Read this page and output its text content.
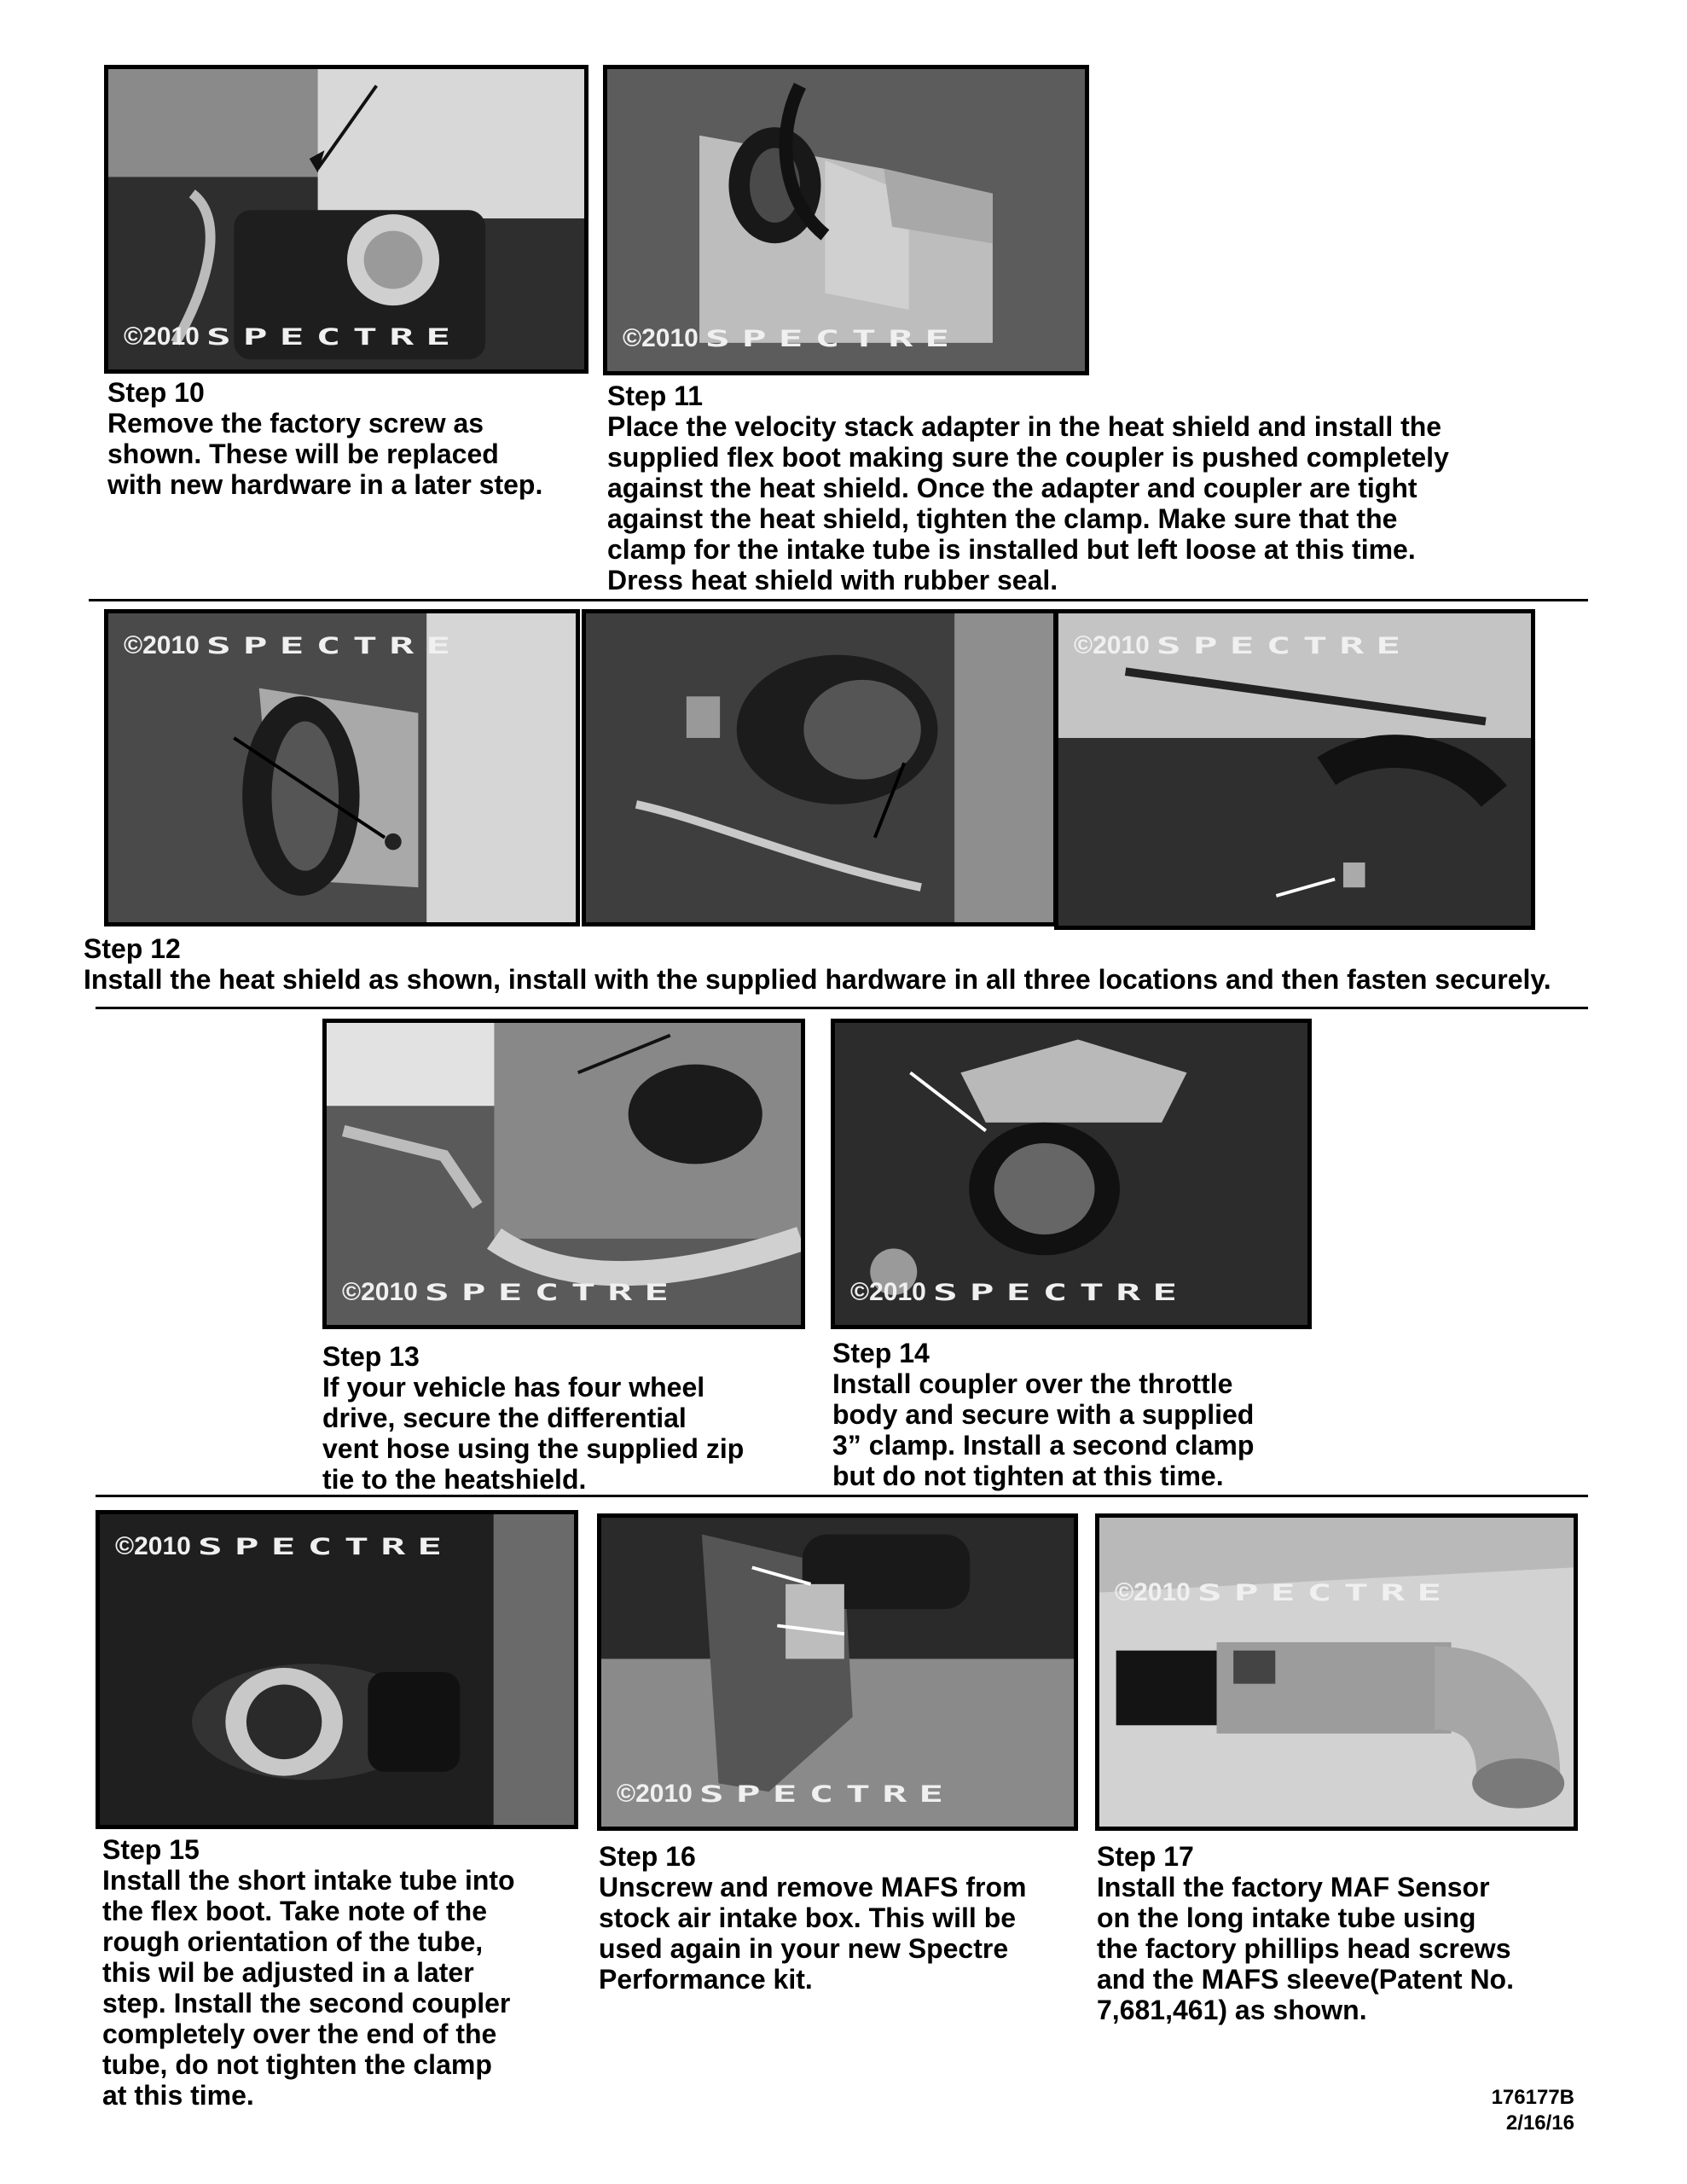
©2010 SPECTRE	©2010 SPECTRE
Step 10
Remove the factory screw as
shown. These will be replaced
with new hardware in a later step.
Step 11
Place the velocity stack adapter in the heat shield and install the
supplied flex boot making sure the coupler is pushed completely
against the heat shield. Once the adapter and coupler are tight
against the heat shield, tighten the clamp. Make sure that the
clamp for the intake tube is installed but left loose at this time.
Dress heat shield with rubber seal.
©2010 SPECTRE	©2010 SPECTRE
Step 12
Install the heat shield as shown, install with the supplied hardware in all three locations and then fasten securely.
©2010 SPECTRE	©2010 SPECTRE
Step 13
If your vehicle has four wheel
drive, secure the differential
vent hose using the supplied zip
tie to the heatshield.
Step 14
Install coupler over the throttle
body and secure with a supplied
3” clamp. Install a second clamp
but do not tighten at this time.
©2010 SPECTRE
©2010 SPECTRE
©2010 SPECTRE
Step 15
Install the short intake tube into
the flex boot. Take note of the
rough orientation of the tube,
this wil be adjusted in a later
step. Install the second coupler
completely over the end of the
tube, do not tighten the clamp
at this time.
Step 16
Unscrew and remove MAFS from
stock air intake box. This will be
used again in your new Spectre
Performance kit.
Step 17
Install the factory MAF Sensor
on the long intake tube using
the factory phillips head screws
and the MAFS sleeve(Patent No.
7,681,461) as shown.
176177B
2/16/16
